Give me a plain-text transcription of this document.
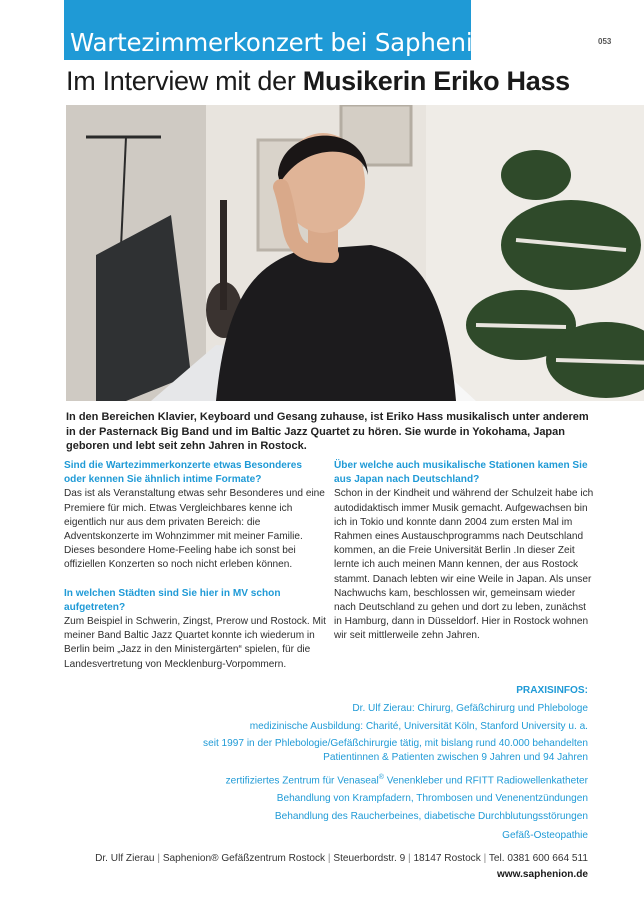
Wartezimmerkonzert bei Saphenion:	053
Im Interview mit der Musikerin Eriko Hass
In den Bereichen Klavier, Keyboard und Gesang zuhause, ist Eriko Hass musikalisch unter anderem in der Pasternack Big Band und im Baltic Jazz Quartet zu hören. Sie wurde in Yokohama, Japan geboren und lebt seit zehn Jahren in Rostock.
Sind die Wartezimmerkonzerte etwas Besonderes oder kennen Sie ähnlich intime Formate?
Das ist als Veranstaltung etwas sehr Besonderes und eine Premiere für mich. Etwas Vergleichbares kenne ich eigentlich nur aus dem privaten Bereich: die Adventskonzerte im Wohnzimmer mit meiner Familie. Dieses besondere Home-Feeling habe ich sonst bei offiziellen Konzerten so noch nicht erleben können.
In welchen Städten sind Sie hier in MV schon aufgetreten?
Zum Beispiel in Schwerin, Zingst, Prerow und Rostock. Mit meiner Band Baltic Jazz Quartet konnte ich wiederum in Berlin beim „Jazz in den Ministergärten“ spielen, für die Landesvertretung von Mecklenburg-Vorpommern.
Über welche auch musikalische Stationen kamen Sie aus Japan nach Deutschland?
Schon in der Kindheit und während der Schulzeit habe ich autodidaktisch immer Musik gemacht. Aufgewachsen bin ich in Tokio und konnte dann 2004 zum ersten Mal im Rahmen eines Austauschprogramms nach Deutschland kommen, an die Freie Universität Berlin .In dieser Zeit lernte ich auch meinen Mann kennen, der aus Rostock stammt. Danach lebten wir eine Weile in Japan. Als unser Nachwuchs kam, beschlossen wir, gemeinsam wieder nach Deutschland zu gehen und dort zu leben, zunächst in Hamburg, dann in Düsseldorf. Hier in Rostock wohnen wir seit mittlerweile zehn Jahren.
PRAXISINFOS:
Dr. Ulf Zierau: Chirurg, Gefäßchirurg und Phlebologe
medizinische Ausbildung: Charité, Universität Köln, Stanford University u. a.
seit 1997 in der Phlebologie/Gefäßchirurgie tätig, mit bislang rund 40.000 behandelten
Patientinnen & Patienten zwischen 9 Jahren und 94 Jahren
zertifiziertes Zentrum für Venaseal® Venenkleber und RFITT Radiowellenkatheter
Behandlung von Krampfadern, Thrombosen und Venenentzündungen
Behandlung des Raucherbeines, diabetische Durchblutungsstörungen
Gefäß-Osteopathie
Dr. Ulf Zierau | Saphenion® Gefäßzentrum Rostock | Steuerbordstr. 9 | 18147 Rostock | Tel. 0381 600 664 511
www.saphenion.de
